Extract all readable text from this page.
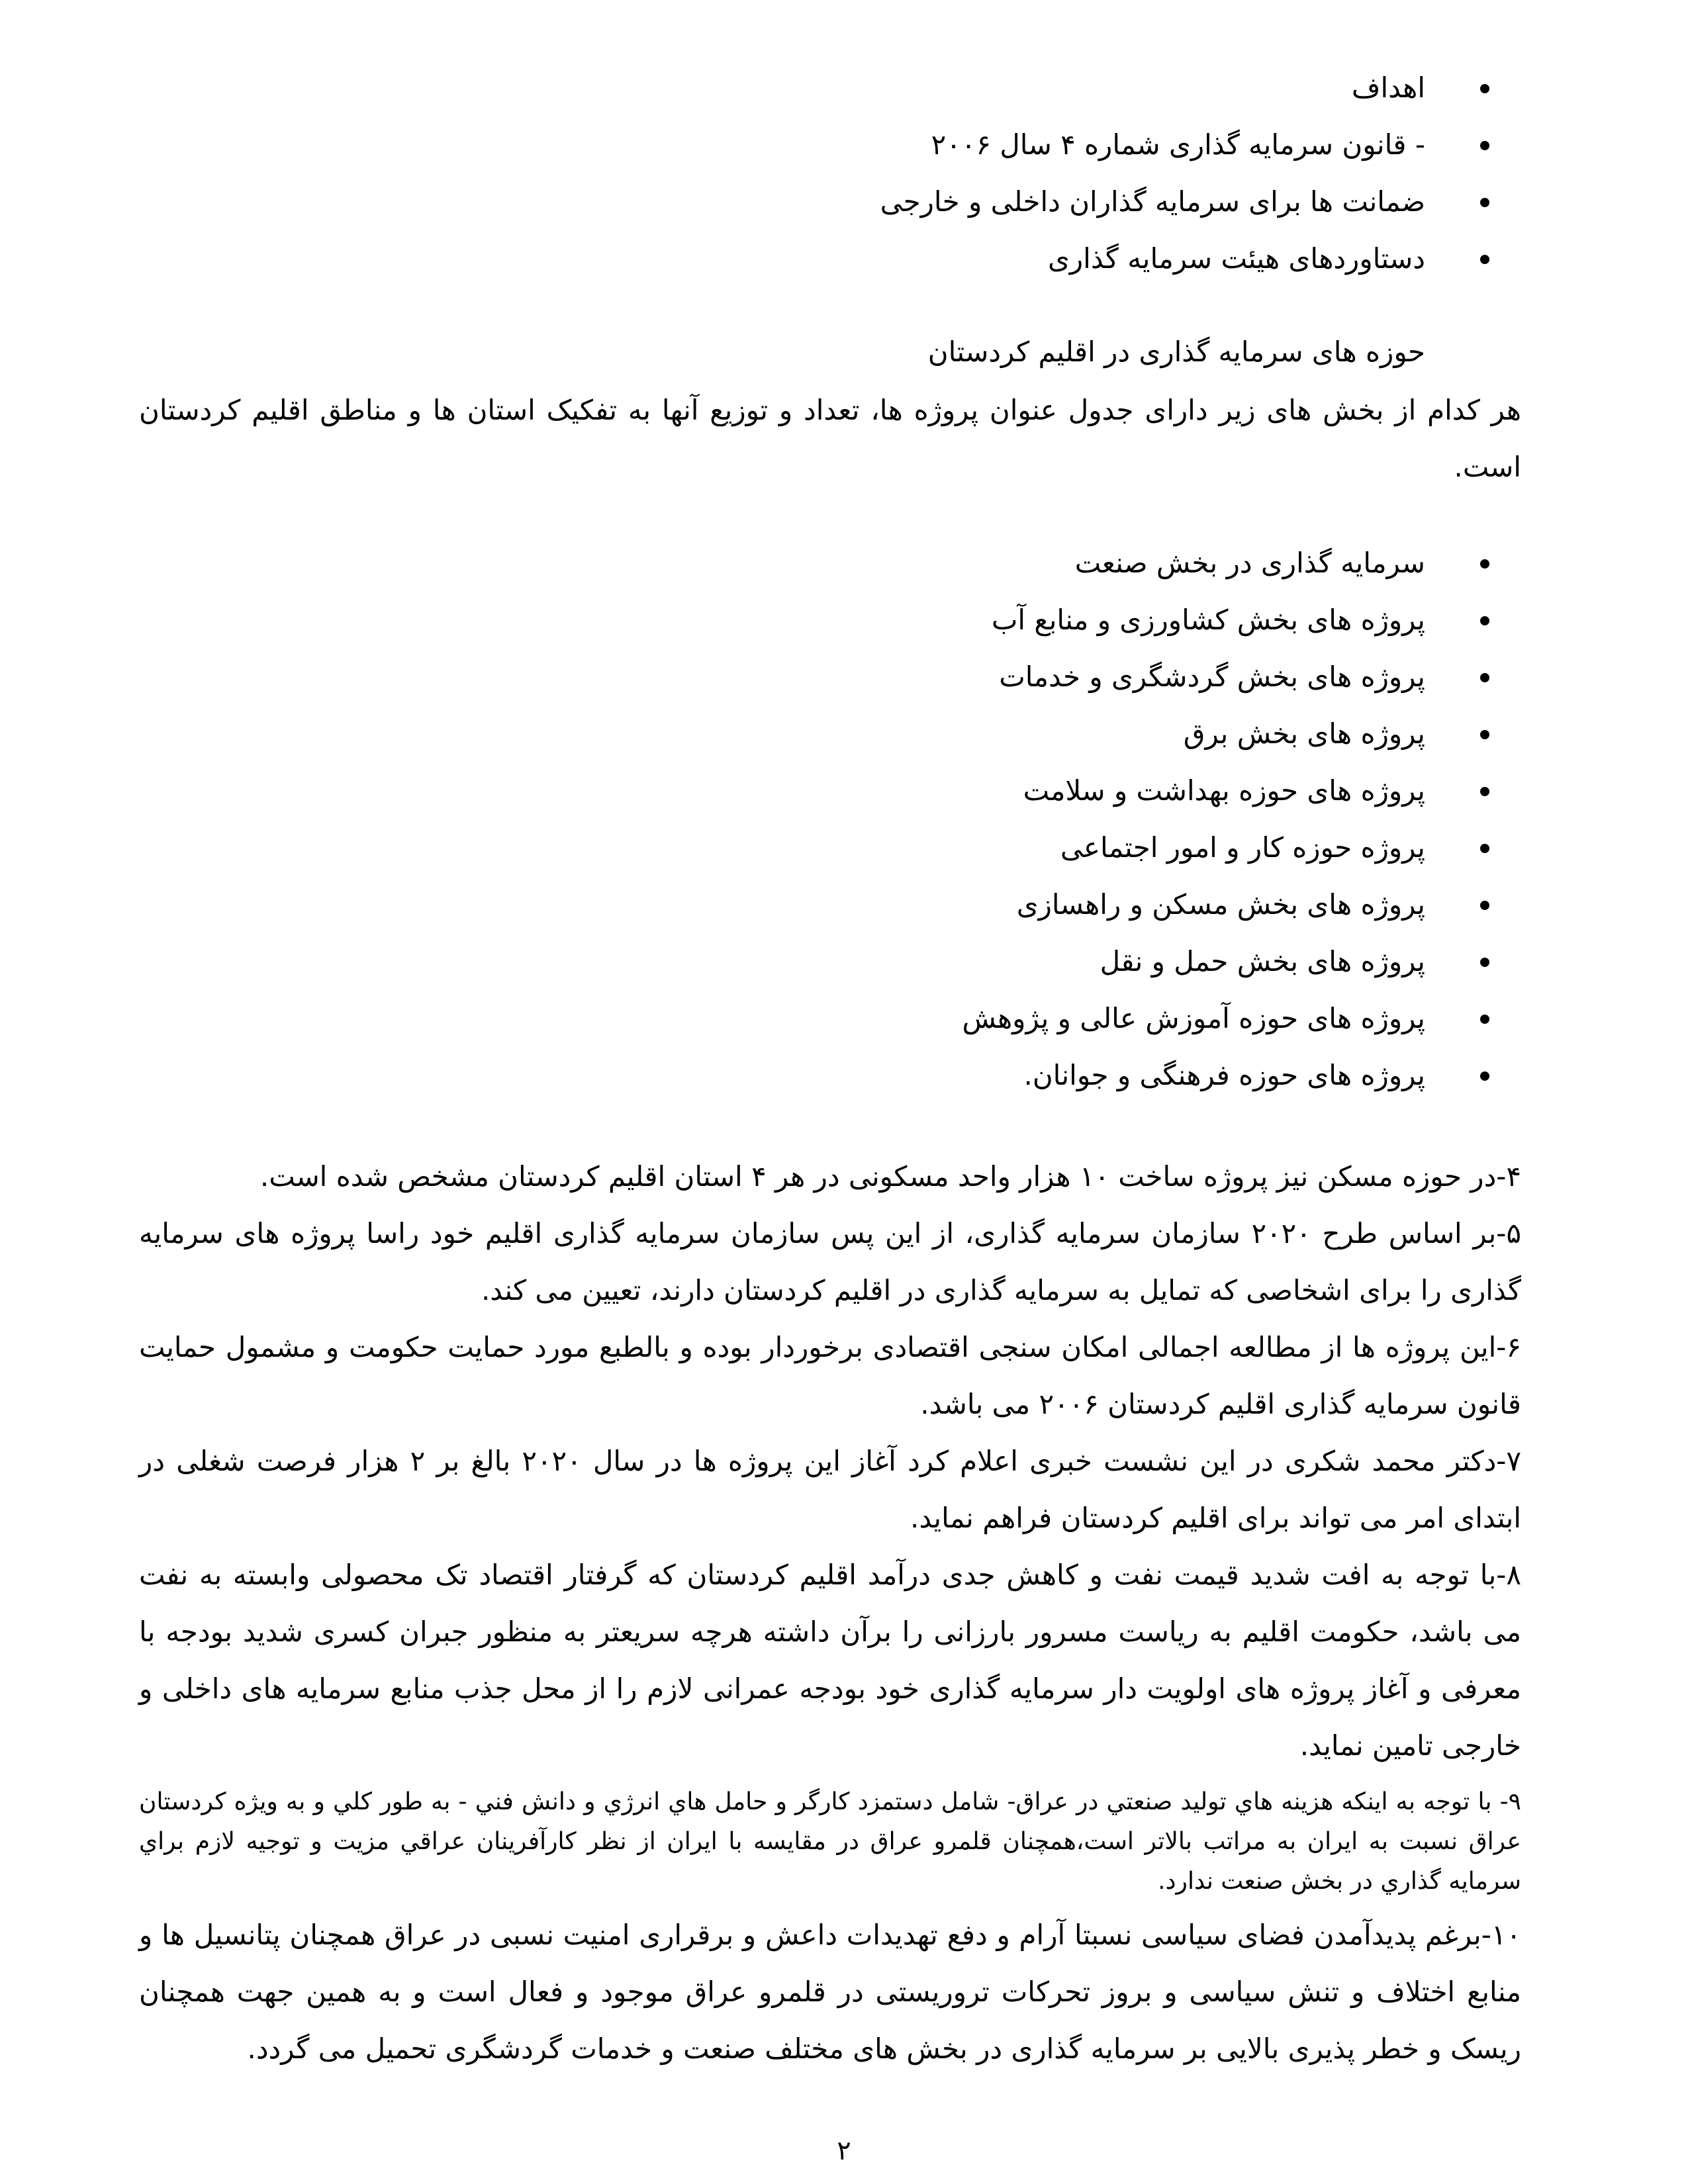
اهداف
- قانون سرمایه گذاری شماره ۴ سال ۲۰۰۶
ضمانت ها برای سرمایه گذاران داخلی و خارجی
دستاوردهای هیئت سرمایه گذاری
حوزه های سرمایه گذاری در اقلیم کردستان
هر کدام از بخش های زیر دارای جدول عنوان پروژه ها، تعداد و توزیع آنها به تفکیک استان ها و مناطق اقلیم کردستان است.
سرمایه گذاری در بخش صنعت
پروژه های بخش کشاورزی و منابع آب
پروژه های بخش گردشگری و خدمات
پروژه های بخش برق
پروژه های حوزه بهداشت و سلامت
پروژه حوزه کار و امور اجتماعی
پروژه های بخش مسکن و راهسازی
پروژه های بخش حمل و نقل
پروژه های حوزه آموزش عالی و پژوهش
پروژه های حوزه فرهنگی و جوانان.

۴-در حوزه مسکن نیز پروژه ساخت ۱۰ هزار واحد مسکونی در هر ۴ استان اقلیم کردستان مشخص شده است.

۵-بر اساس طرح ۲۰۲۰ سازمان سرمایه گذاری، از این پس سازمان سرمایه گذاری اقلیم خود راسا پروژه های سرمایه گذاری را برای اشخاصی که تمایل به سرمایه گذاری در اقلیم کردستان دارند، تعیین می کند.

۶-این پروژه ها از مطالعه اجمالی امکان سنجی اقتصادی برخوردار بوده و بالطبع مورد حمایت حکومت و مشمول حمایت قانون سرمایه گذاری اقلیم کردستان ۲۰۰۶ می باشد.

۷-دکتر محمد شکری در این نشست خبری اعلام کرد آغاز این پروژه ها در سال ۲۰۲۰ بالغ بر ۲ هزار فرصت شغلی در ابتدای امر می تواند برای اقلیم کردستان فراهم نماید.

۸-با توجه به افت شدید قیمت نفت و کاهش جدی درآمد اقلیم کردستان که گرفتار اقتصاد تک محصولی وابسته به نفت می باشد، حکومت اقلیم به ریاست مسرور بارزانی را برآن داشته هرچه سریعتر به منظور جبران کسری شدید بودجه با معرفی و آغاز پروژه های اولویت دار سرمایه گذاری خود بودجه عمرانی لازم را از محل جذب منابع سرمایه های داخلی و خارجی تامین نماید.

۹- با توجه به اینکه هزینه هاي توليد صنعتي در عراق- شامل دستمزد کارگر و حامل هاي انرژي و دانش فني - به طور كلي و به ويژه كردستان عراق نسبت به ايران به مراتب بالاتر است،همچنان قلمرو عراق در مقايسه با ايران از نظر كارآفرينان عراقي مزيت و توجيه لازم براي سرمايه گذاري در بخش صنعت ندارد.

۱۰-برغم پدیدآمدن فضای سیاسی نسبتا آرام و دفع تهدیدات داعش و برقراری امنیت نسبی در عراق همچنان پتانسیل ها و منابع اختلاف و تنش سیاسی و بروز تحرکات تروریستی در قلمرو عراق موجود و فعال است و به همین جهت همچنان ریسک و خطر پذیری بالایی بر سرمایه گذاری در بخش های مختلف صنعت و خدمات گردشگری تحمیل می گردد.

۲
